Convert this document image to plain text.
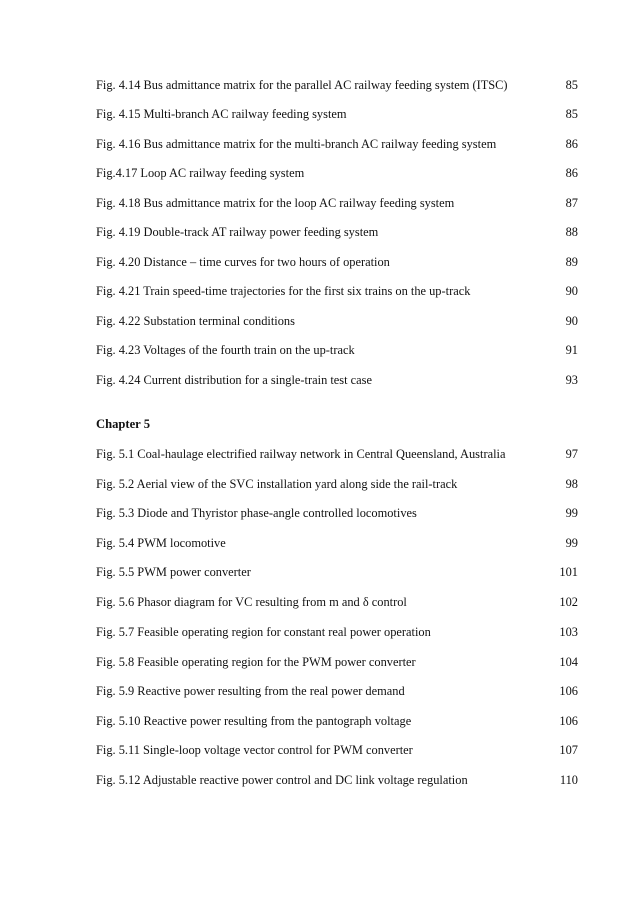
Fig. 4.14 Bus admittance matrix for the parallel AC railway feeding system (ITSC)	85
Fig. 4.15 Multi-branch AC railway feeding system	85
Fig. 4.16 Bus admittance matrix for the multi-branch AC railway feeding system	86
Fig.4.17 Loop AC railway feeding system	86
Fig. 4.18 Bus admittance matrix for the loop AC railway feeding system	87
Fig. 4.19 Double-track AT railway power feeding system	88
Fig. 4.20 Distance – time curves for two hours of operation	89
Fig. 4.21 Train speed-time trajectories for the first six trains on the up-track	90
Fig. 4.22 Substation terminal conditions	90
Fig. 4.23 Voltages of the fourth train on the up-track	91
Fig. 4.24 Current distribution for a single-train test case	93
Chapter 5
Fig. 5.1 Coal-haulage electrified railway network in Central Queensland, Australia	97
Fig. 5.2 Aerial view of the SVC installation yard along side the rail-track	98
Fig. 5.3 Diode and Thyristor phase-angle controlled locomotives	99
Fig. 5.4 PWM locomotive	99
Fig. 5.5 PWM power converter	101
Fig. 5.6 Phasor diagram for VC resulting from m and δ control	102
Fig. 5.7 Feasible operating region for constant real power operation	103
Fig. 5.8 Feasible operating region for the PWM power converter	104
Fig. 5.9 Reactive power resulting from the real power demand	106
Fig. 5.10 Reactive power resulting from the pantograph voltage	106
Fig. 5.11 Single-loop voltage vector control for PWM converter	107
Fig. 5.12 Adjustable reactive power control and DC link voltage regulation	110
